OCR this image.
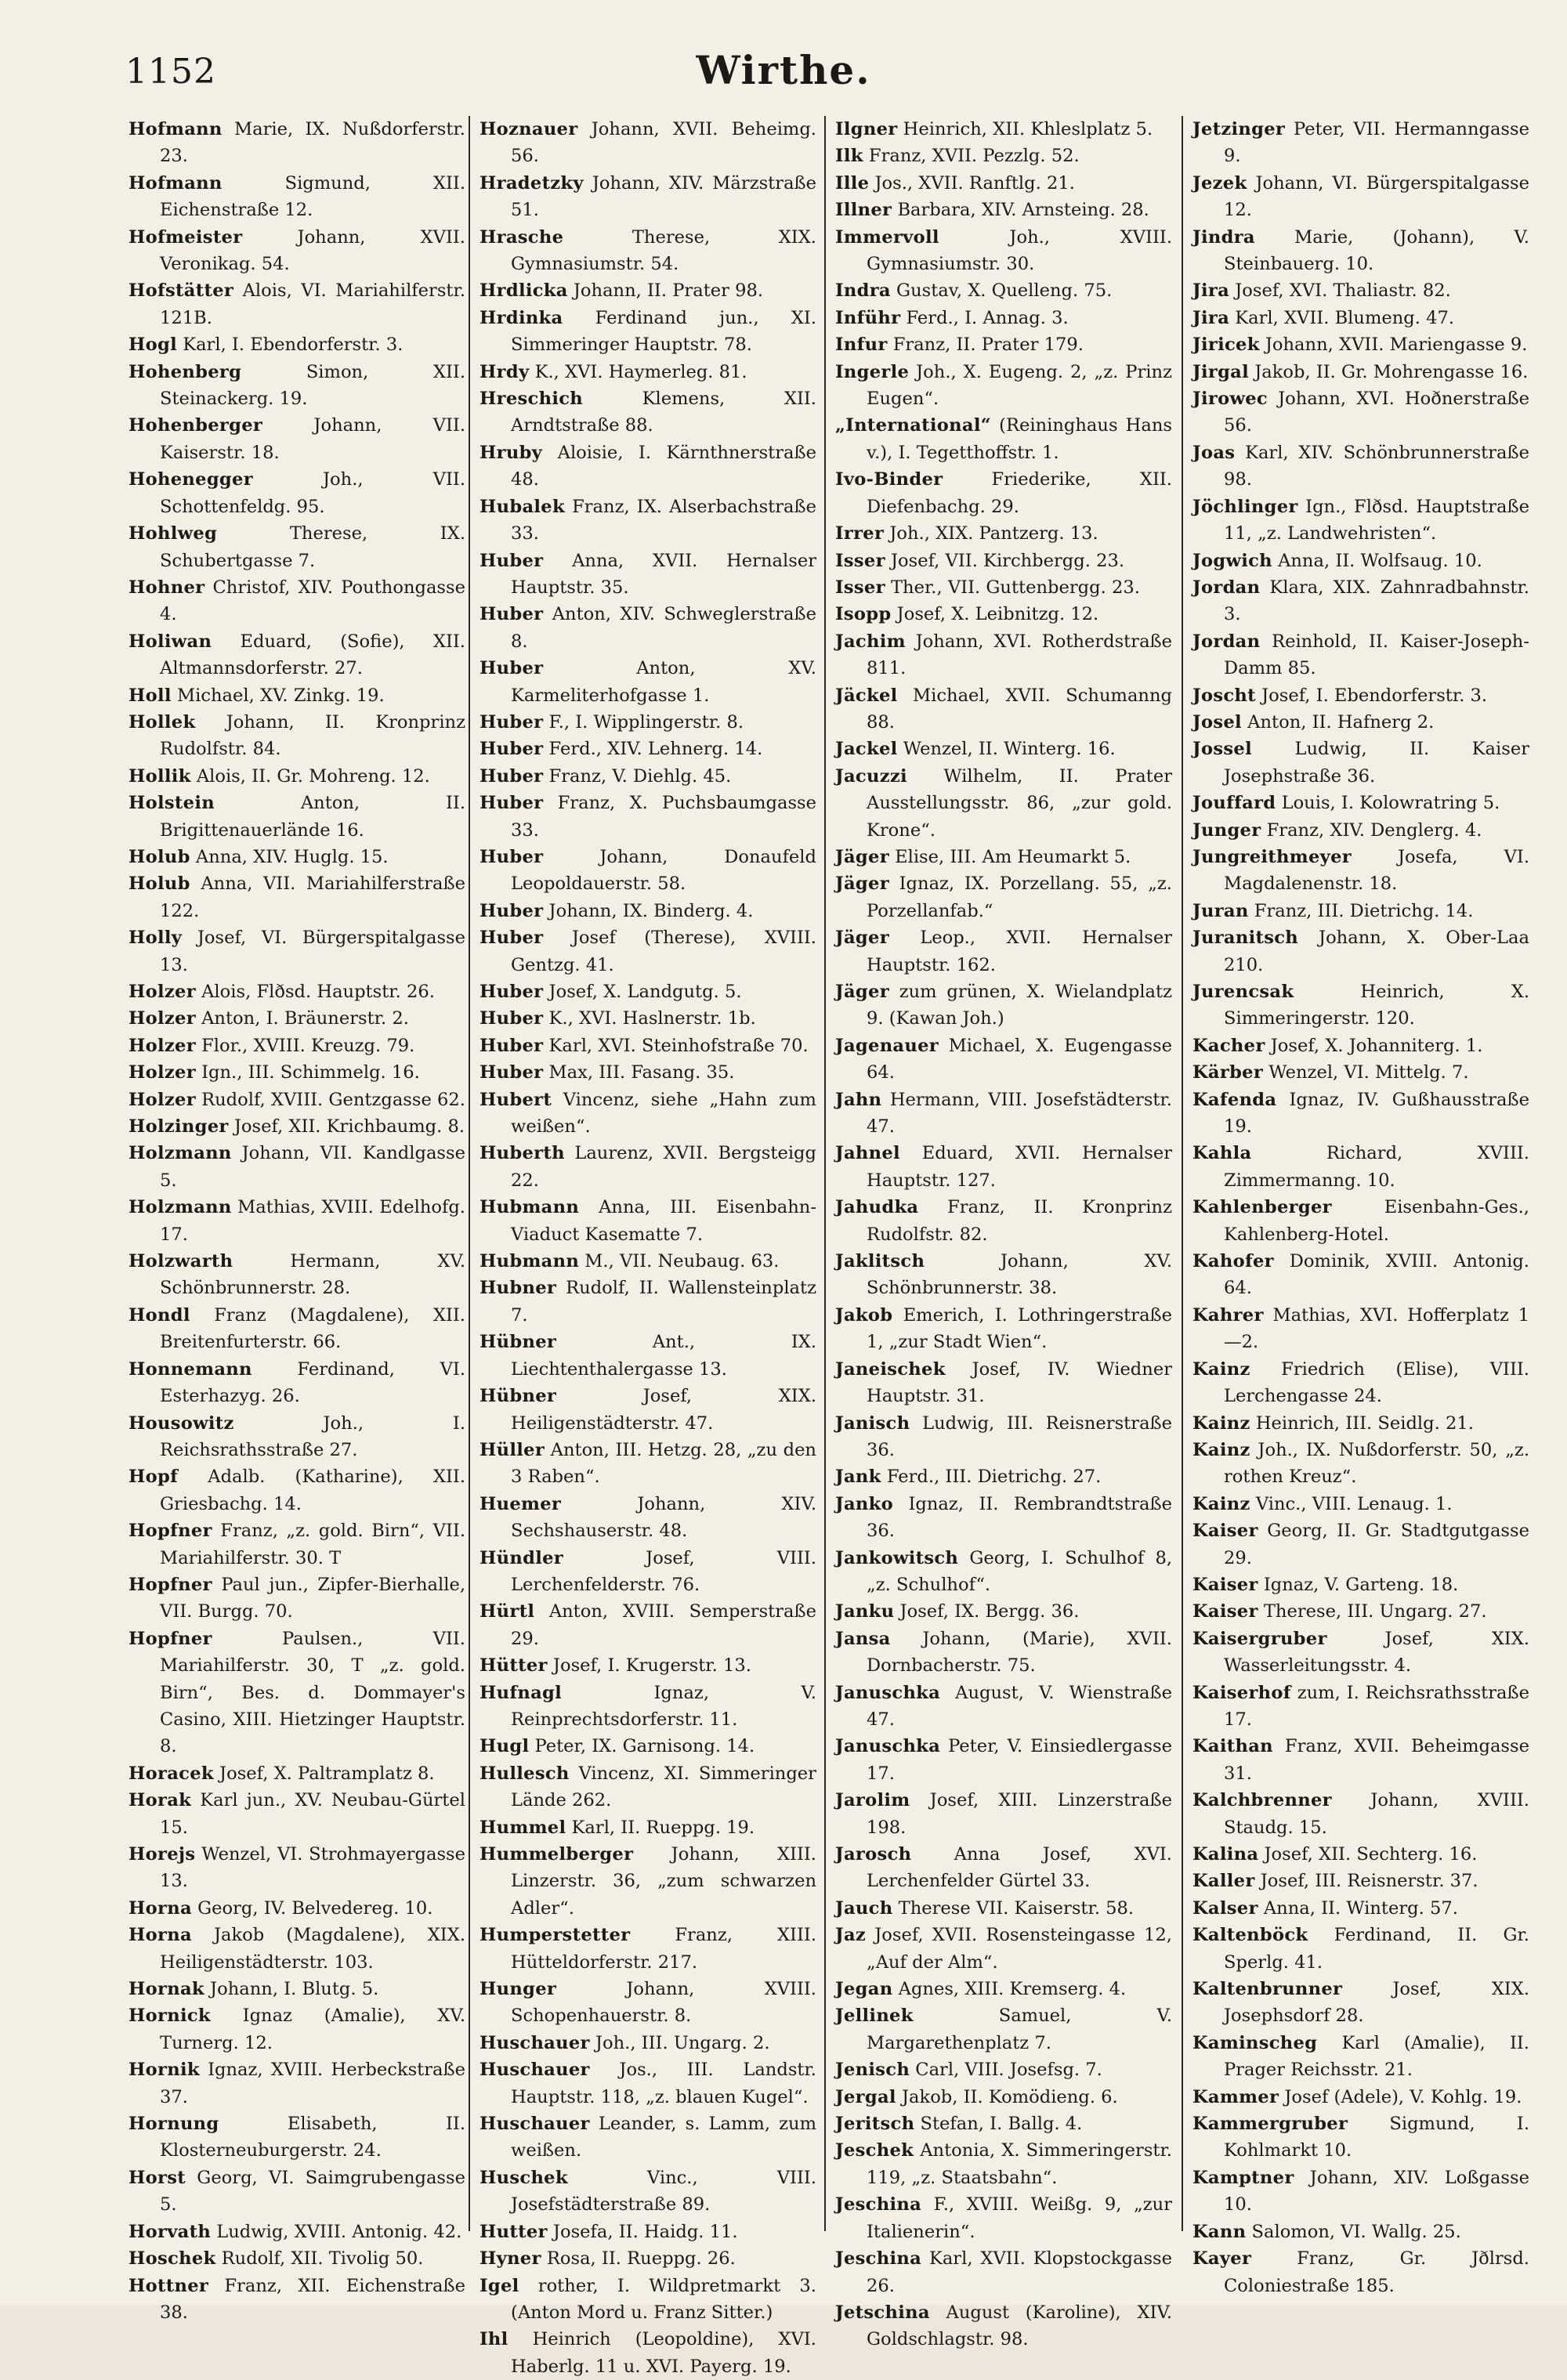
1152	Wirthe.

Hofmann Marie, IX. Nußdorferstr. 23.

Hofmann	Sigmund, XII. Eichenstraße 12.

Hofmeister	Johann, XVII. Veronikag. 54.

Hofstätter Alois, VI. Mariahilferstr. 121B.

Hogl Karl, I. Ebendorferstr. 3.

Hohenberg	Simon, XII. Steinackerg. 19.

Hohenberger	Johann, VII. Kaiserstr. 18.

Hohenegger	Joh., VII. Schottenfeldg. 95.

Hohlweg	Therese, IX. Schubertgasse 7.

Hohner Christof, XIV. Pouthongasse 4.

Holiwan Eduard, (Sofie), XII. Altmannsdorferstr. 27.

Holl Michael, XV. Zinkg. 19.

Hollek Johann, II. Kronprinz Rudolfstr. 84.

Hollik Alois, II. Gr. Mohreng. 12.

Holstein	Anton, II. Brigittenauerlände 16.

Holub Anna, XIV. Huglg. 15.

Holub Anna, VII. Mariahilferstraße 122.

Holly Josef, VI. Bürgerspitalgasse 13.

Holzer Alois, Flðsd. Hauptstr. 26.

Holzer Anton, I. Bräunerstr. 2.

Holzer Flor., XVIII. Kreuzg. 79.

Holzer Ign., III. Schimmelg. 16.

Holzer Rudolf, XVIII. Gentzgasse 62.

Holzinger Josef, XII. Krichbaumg. 8.

Holzmann Johann, VII. Kandlgasse 5.

Holzmann Mathias, XVIII. Edelhofg. 17.

Holzwarth	Hermann, XV. Schönbrunnerstr. 28.

Hondl Franz (Magdalene), XII. Breitenfurterstr. 66.

Honnemann	Ferdinand, VI. Esterhazyg. 26.

Housowitz	Joh., I. Reichsrathsstraße 27.

Hopf Adalb. (Katharine), XII. Griesbachg. 14.

Hopfner Franz, „z. gold. Birn“, VII. Mariahilferstr. 30. T

Hopfner Paul jun., Zipfer-Bierhalle, VII. Burgg. 70.

Hopfner	Paulsen., VII. Mariahilferstr. 30, T „z. gold. Birn“, Bes. d. Dommayer's Casino, XIII. Hietzinger Hauptstr. 8.

Horacek Josef, X. Paltramplatz 8.

Horak Karl jun., XV. Neubau-Gürtel 15.

Horejs Wenzel, VI. Strohmayergasse 13.

Horna Georg, IV. Belvedereg. 10.

Horna Jakob (Magdalene), XIX. Heiligenstädterstr. 103.

Hornak Johann, I. Blutg. 5.

Hornick Ignaz (Amalie), XV. Turnerg. 12.

Hornik Ignaz, XVIII. Herbeckstraße 37.

Hornung	Elisabeth, II. Klosterneuburgerstr. 24.

Horst Georg, VI. Saimgrubengasse 5.

Horvath Ludwig, XVIII. Antonig. 42.

Hoschek Rudolf, XII. Tivolig 50.

Hottner Franz, XII. Eichenstraße 38.

Hoznauer Johann, XVII. Beheimg. 56.

Hradetzky Johann, XIV. Märzstraße 51.

Hrasche	Therese, XIX. Gymnasiumstr. 54.

Hrdlicka Johann, II. Prater 98.

Hrdinka Ferdinand jun., XI. Simmeringer Hauptstr. 78.

Hrdy K., XVI. Haymerleg. 81.

Hreschich	Klemens, XII. Arndtstraße 88.

Hruby Aloisie, I. Kärnthnerstraße 48.

Hubalek Franz, IX. Alserbachstraße 33.

Huber Anna, XVII. Hernalser Hauptstr. 35.

Huber Anton, XIV. Schweglerstraße 8.

Huber	Anton, XV. Karmeliterhofgasse 1.

Huber F., I. Wipplingerstr. 8.

Huber Ferd., XIV. Lehnerg. 14.

Huber Franz, V. Diehlg. 45.

Huber Franz, X. Puchsbaumgasse 33.

Huber	Johann, Donaufeld Leopoldauerstr. 58.

Huber Johann, IX. Binderg. 4.

Huber Josef (Therese), XVIII. Gentzg. 41.

Huber Josef, X. Landgutg. 5.

Huber K., XVI. Haslnerstr. 1b.

Huber Karl, XVI. Steinhofstraße 70.

Huber Max, III. Fasang. 35.

Hubert Vincenz, siehe „Hahn zum weißen“.

Huberth Laurenz, XVII. Bergsteigg 22.

Hubmann Anna, III. Eisenbahn-Viaduct Kasematte 7.

Hubmann M., VII. Neubaug. 63.

Hubner Rudolf, II. Wallensteinplatz 7.

Hübner	Ant., IX. Liechtenthalergasse 13.

Hübner	Josef, XIX. Heiligenstädterstr. 47.

Hüller Anton, III. Hetzg. 28, „zu den 3 Raben“.

Huemer	Johann, XIV. Sechshauserstr. 48.

Hündler	Josef, VIII. Lerchenfelderstr. 76.

Hürtl Anton, XVIII. Semperstraße 29.

Hütter Josef, I. Krugerstr. 13.

Hufnagl	Ignaz, V. Reinprechtsdorferstr. 11.

Hugl Peter, IX. Garnisong. 14.

Hullesch Vincenz, XI. Simmeringer Lände 262.

Hummel Karl, II. Rueppg. 19.

Hummelberger Johann, XIII. Linzerstr. 36, „zum schwarzen Adler“.

Humperstetter	Franz, XIII. Hütteldorferstr. 217.

Hunger	Johann, XVIII. Schopenhauerstr. 8.

Huschauer Joh., III. Ungarg. 2.

Huschauer Jos., III. Landstr. Hauptstr. 118, „z. blauen Kugel“.

Huschauer Leander, s. Lamm, zum weißen.

Huschek	Vinc., VIII. Josefstädterstraße 89.

Hutter Josefa, II. Haidg. 11.

Hyner Rosa, II. Rueppg. 26.

Igel rother, I. Wildpretmarkt 3. (Anton Mord u. Franz Sitter.)

Ihl Heinrich (Leopoldine), XVI. Haberlg. 11 u. XVI. Payerg. 19.

Ilgner Heinrich, XII. Khleslplatz 5.

Ilk Franz, XVII. Pezzlg. 52.

Ille Jos., XVII. Ranftlg. 21.

Illner Barbara, XIV. Arnsteing. 28.

Immervoll	Joh., XVIII. Gymnasiumstr. 30.

Indra Gustav, X. Quelleng. 75.

Inführ Ferd., I. Annag. 3.

Infur Franz, II. Prater 179.

Ingerle Joh., X. Eugeng. 2, „z. Prinz Eugen“.

„International“ (Reininghaus Hans v.), I. Tegetthoffstr. 1.

Ivo-Binder	Friederike, XII. Diefenbachg. 29.

Irrer Joh., XIX. Pantzerg. 13.

Isser Josef, VII. Kirchbergg. 23.

Isser Ther., VII. Guttenbergg. 23.

Isopp Josef, X. Leibnitzg. 12.

Jachim Johann, XVI. Rotherdstraße 811.

Jäckel Michael, XVII. Schumanng 88.

Jackel Wenzel, II. Winterg. 16.

Jacuzzi Wilhelm, II. Prater Ausstellungsstr. 86, „zur gold. Krone“.

Jäger Elise, III. Am Heumarkt 5.

Jäger Ignaz, IX. Porzellang. 55, „z. Porzellanfab.“

Jäger Leop., XVII. Hernalser Hauptstr. 162.

Jäger zum grünen, X. Wielandplatz 9. (Kawan Joh.)

Jagenauer Michael, X. Eugengasse 64.

Jahn Hermann, VIII. Josefstädterstr. 47.

Jahnel Eduard, XVII. Hernalser Hauptstr. 127.

Jahudka Franz, II. Kronprinz Rudolfstr. 82.

Jaklitsch	Johann, XV. Schönbrunnerstr. 38.

Jakob Emerich, I. Lothringerstraße 1, „zur Stadt Wien“.

Janeischek Josef, IV. Wiedner Hauptstr. 31.

Janisch Ludwig, III. Reisnerstraße 36.

Jank Ferd., III. Dietrichg. 27.

Janko Ignaz, II. Rembrandtstraße 36.

Jankowitsch Georg, I. Schulhof 8, „z. Schulhof“.

Janku Josef, IX. Bergg. 36.

Jansa Johann, (Marie), XVII. Dornbacherstr. 75.

Januschka August, V. Wienstraße 47.

Januschka Peter, V. Einsiedlergasse 17.

Jarolim Josef, XIII. Linzerstraße 198.

Jarosch Anna Josef, XVI. Lerchenfelder Gürtel 33.

Jauch Therese VII. Kaiserstr. 58.

Jaz Josef, XVII. Rosensteingasse 12, „Auf der Alm“.

Jegan Agnes, XIII. Kremserg. 4.

Jellinek	Samuel, V. Margarethenplatz 7.

Jenisch Carl, VIII. Josefsg. 7.

Jergal Jakob, II. Komödieng. 6.

Jeritsch Stefan, I. Ballg. 4.

Jeschek Antonia, X. Simmeringerstr. 119, „z. Staatsbahn“.

Jeschina F., XVIII. Weißg. 9, „zur Italienerin“.

Jeschina Karl, XVII. Klopstockgasse 26.

Jetschina August (Karoline), XIV. Goldschlagstr. 98.

Jetzinger Peter, VII. Hermanngasse 9.

Jezek Johann, VI. Bürgerspitalgasse 12.

Jindra Marie, (Johann), V. Steinbauerg. 10.

Jira Josef, XVI. Thaliastr. 82.

Jira Karl, XVII. Blumeng. 47.

Jiricek Johann, XVII. Mariengasse 9.

Jirgal Jakob, II. Gr. Mohrengasse 16.

Jirowec Johann, XVI. Hoðnerstraße 56.

Joas Karl, XIV. Schönbrunnerstraße 98.

Jöchlinger Ign., Flðsd. Hauptstraße 11, „z. Landwehristen“.

Jogwich Anna, II. Wolfsaug. 10.

Jordan Klara, XIX. Zahnradbahnstr. 3.

Jordan Reinhold, II. Kaiser-Joseph-Damm 85.

Joscht Josef, I. Ebendorferstr. 3.

Josel Anton, II. Hafnerg 2.

Jossel Ludwig, II. Kaiser Josephstraße 36.

Jouffard Louis, I. Kolowratring 5.

Junger Franz, XIV. Denglerg. 4.

Jungreithmeyer	Josefa, VI. Magdalenenstr. 18.

Juran Franz, III. Dietrichg. 14.

Juranitsch Johann, X. Ober-Laa 210.

Jurencsak	Heinrich, X. Simmeringerstr. 120.

Kacher Josef, X. Johanniterg. 1.

Kärber Wenzel, VI. Mittelg. 7.

Kafenda Ignaz, IV. Gußhausstraße 19.

Kahla	Richard, XVIII. Zimmermanng. 10.

Kahlenberger	Eisenbahn-Ges., Kahlenberg-Hotel.

Kahofer Dominik, XVIII. Antonig. 64.

Kahrer Mathias, XVI. Hofferplatz 1—2.

Kainz Friedrich (Elise), VIII. Lerchengasse 24.

Kainz Heinrich, III. Seidlg. 21.

Kainz Joh., IX. Nußdorferstr. 50, „z. rothen Kreuz“.

Kainz Vinc., VIII. Lenaug. 1.

Kaiser Georg, II. Gr. Stadtgutgasse 29.

Kaiser Ignaz, V. Garteng. 18.

Kaiser Therese, III. Ungarg. 27.

Kaisergruber	Josef, XIX. Wasserleitungsstr. 4.

Kaiserhof zum, I. Reichsrathsstraße 17.

Kaithan Franz, XVII. Beheimgasse 31.

Kalchbrenner Johann, XVIII. Staudg. 15.

Kalina Josef, XII. Sechterg. 16.

Kaller Josef, III. Reisnerstr. 37.

Kalser Anna, II. Winterg. 57.

Kaltenböck Ferdinand, II. Gr. Sperlg. 41.

Kaltenbrunner	Josef, XIX. Josephsdorf 28.

Kaminscheg Karl (Amalie), II. Prager Reichsstr. 21.

Kammer Josef (Adele), V. Kohlg. 19.

Kammergruber Sigmund, I. Kohlmarkt 10.

Kamptner Johann, XIV. Loßgasse 10.

Kann Salomon, VI. Wallg. 25.

Kayer	Franz, Gr. Jðlrsd. Coloniestraße 185.
